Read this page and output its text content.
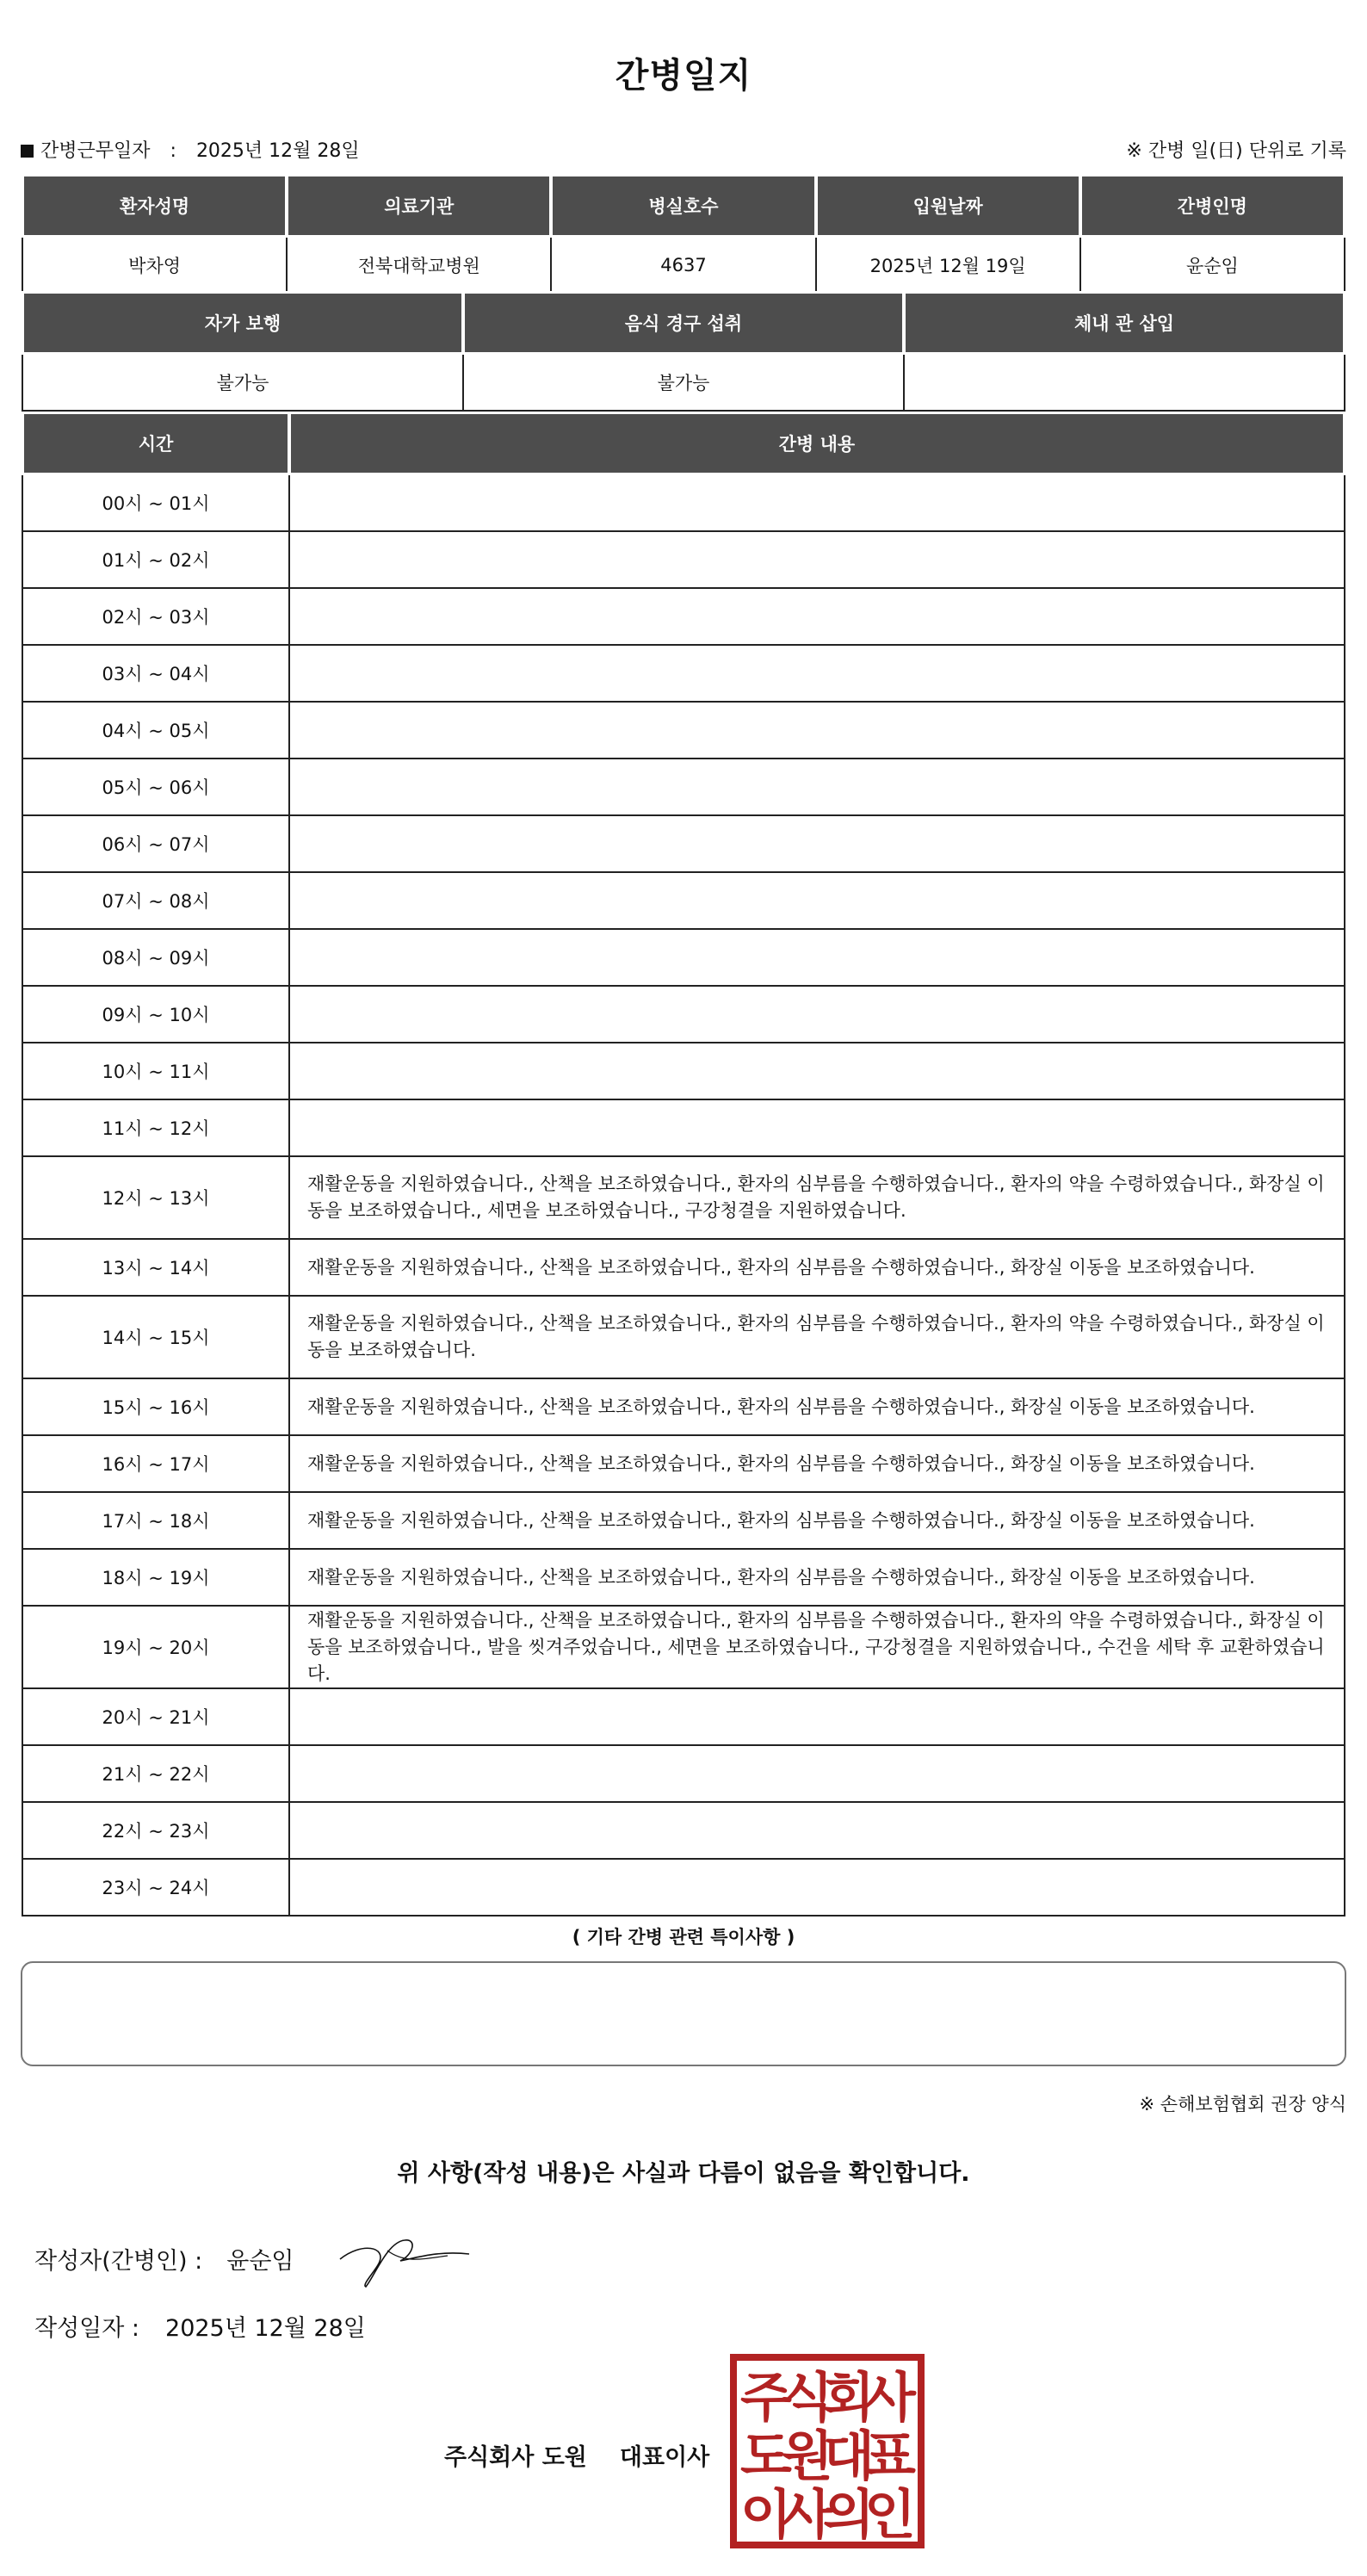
간병일지
간병근무일자 : 2025년 12월 28일	※ 간병 일(日) 단위로 기록
환자성명	의료기관	병실호수	입원날짜	간병인명
박차영	전북대학교병원	4637	2025년 12월 19일	윤순임
자가 보행	음식 경구 섭취	체내 관 삽입
불가능	불가능	
시간	간병 내용
00시 ~ 01시	
01시 ~ 02시	
02시 ~ 03시	
03시 ~ 04시	
04시 ~ 05시	
05시 ~ 06시	
06시 ~ 07시	
07시 ~ 08시	
08시 ~ 09시	
09시 ~ 10시	
10시 ~ 11시	
11시 ~ 12시	
12시 ~ 13시	재활운동을 지원하였습니다., 산책을 보조하였습니다., 환자의 심부름을 수행하였습니다., 환자의 약을 수령하였습니다., 화장실 이동을 보조하였습니다., 세면을 보조하였습니다., 구강청결을 지원하였습니다.
13시 ~ 14시	재활운동을 지원하였습니다., 산책을 보조하였습니다., 환자의 심부름을 수행하였습니다., 화장실 이동을 보조하였습니다.
14시 ~ 15시	재활운동을 지원하였습니다., 산책을 보조하였습니다., 환자의 심부름을 수행하였습니다., 환자의 약을 수령하였습니다., 화장실 이동을 보조하였습니다.
15시 ~ 16시	재활운동을 지원하였습니다., 산책을 보조하였습니다., 환자의 심부름을 수행하였습니다., 화장실 이동을 보조하였습니다.
16시 ~ 17시	재활운동을 지원하였습니다., 산책을 보조하였습니다., 환자의 심부름을 수행하였습니다., 화장실 이동을 보조하였습니다.
17시 ~ 18시	재활운동을 지원하였습니다., 산책을 보조하였습니다., 환자의 심부름을 수행하였습니다., 화장실 이동을 보조하였습니다.
18시 ~ 19시	재활운동을 지원하였습니다., 산책을 보조하였습니다., 환자의 심부름을 수행하였습니다., 화장실 이동을 보조하였습니다.
19시 ~ 20시	재활운동을 지원하였습니다., 산책을 보조하였습니다., 환자의 심부름을 수행하였습니다., 환자의 약을 수령하였습니다., 화장실 이동을 보조하였습니다., 발을 씻겨주었습니다., 세면을 보조하였습니다., 구강청결을 지원하였습니다., 수건을 세탁 후 교환하였습니다.
20시 ~ 21시	
21시 ~ 22시	
22시 ~ 23시	
23시 ~ 24시	
( 기타 간병 관련 특이사항 )
※ 손해보험협회 권장 양식
위 사항(작성 내용)은 사실과 다름이 없음을 확인합니다.
작성자(간병인) : 윤순임
작성일자 : 2025년 12월 28일
주식회사 도원 대표이사
주
식
회
사
도
원
대
표
이
사
의
인
